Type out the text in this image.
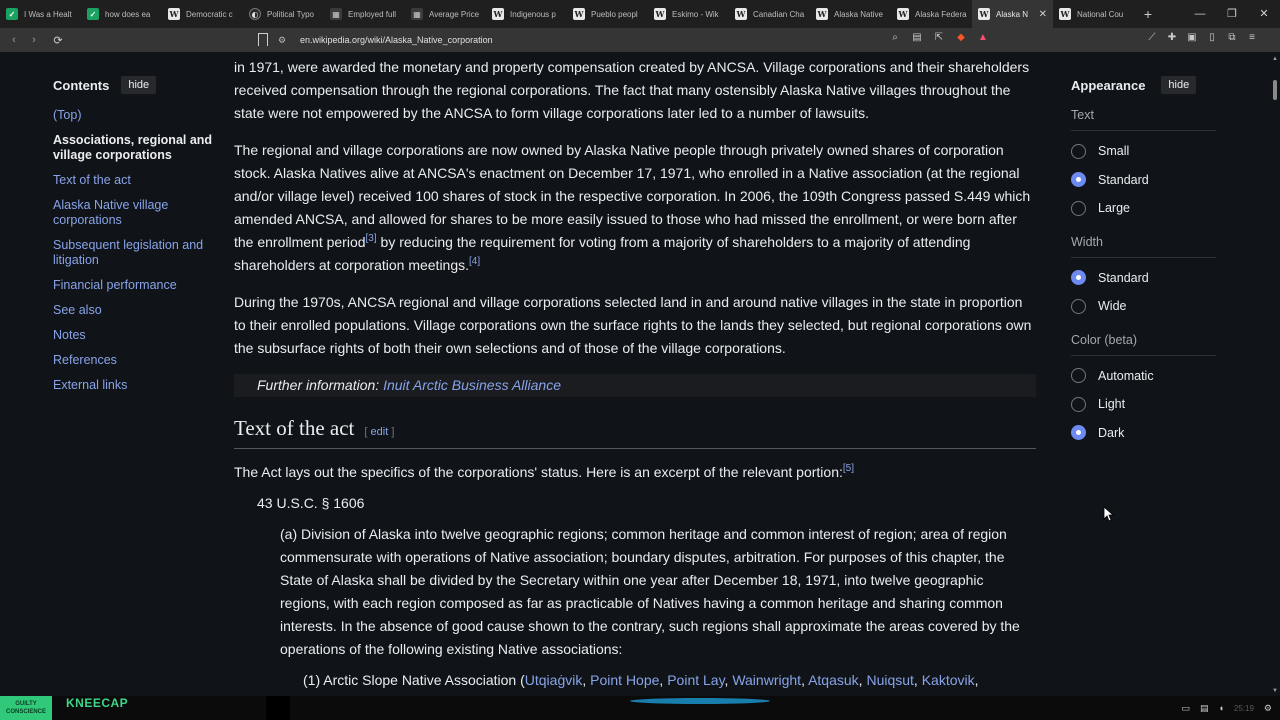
✓	I Was a Healt	✓	how does ea	W Democratic c	◐	Political Typo	▦ Employed full	▦ Average Price W Indigenous p	W Pueblo peopl	W Eskimo - Wik	W Canadian Cha W Alaska Native W Alaska Federa W Alaska N	✕ W National Cou	+	—	❐	✕
‹	›	⟳	⚙ en.wikipedia.org/wiki/Alaska_Native_corporation	⌕	▤ ⇱	◆	▲	⟋	✚ ▣	▯	⧉	≡
Contents	hide
(Top)
Associations, regional and village corporations
Text of the act
Alaska Native village corporations
Subsequent legislation and litigation
Financial performance
See also
Notes
References
External links

in 1971, were awarded the monetary and property compensation created by ANCSA. Village corporations and their shareholders received compensation through the regional corporations. The fact that many ostensibly Alaska Native villages throughout the state were not empowered by the ANCSA to form village corporations later led to a number of lawsuits.

The regional and village corporations are now owned by Alaska Native people through privately owned shares of corporation stock. Alaska Natives alive at ANCSA's enactment on December 17, 1971, who enrolled in a Native association (at the regional and/or village level) received 100 shares of stock in the respective corporation. In 2006, the 109th Congress passed S.449 which amended ANCSA, and allowed for shares to be more easily issued to those who had missed the enrollment, or were born after the enrollment period[3] by reducing the requirement for voting from a majority of shareholders to a majority of attending shareholders at corporation meetings.[4]

During the 1970s, ANCSA regional and village corporations selected land in and around native villages in the state in proportion to their enrolled populations. Village corporations own the surface rights to the lands they selected, but regional corporations own the subsurface rights of both their own selections and of those of the village corporations.

Further information: Inuit Arctic Business Alliance
Text of the act [ edit ]

The Act lays out the specifics of the corporations' status. Here is an excerpt of the relevant portion:[5]

43 U.S.C. § 1606
(a) Division of Alaska into twelve geographic regions; common heritage and common interest of region; area of region commensurate with operations of Native association; boundary disputes, arbitration. For purposes of this chapter, the State of Alaska shall be divided by the Secretary within one year after December 18, 1971, into twelve geographic regions, with each region composed as far as practicable of Natives having a common heritage and sharing common interests. In the absence of good cause shown to the contrary, such regions shall approximate the areas covered by the operations of the following existing Native associations:
(1) Arctic Slope Native Association (Utqiaġvik, Point Hope, Point Lay, Wainwright, Atqasuk, Nuiqsut, Kaktovik,
Appearance	hide
Text
Small
Standard
Large
Width
Standard
Wide
Color (beta)
Automatic
Light
Dark
▲
▼
GUILTY CONSCIENCE
KNEECAP	▭ ▤ ◖ 25:19 ⚙
